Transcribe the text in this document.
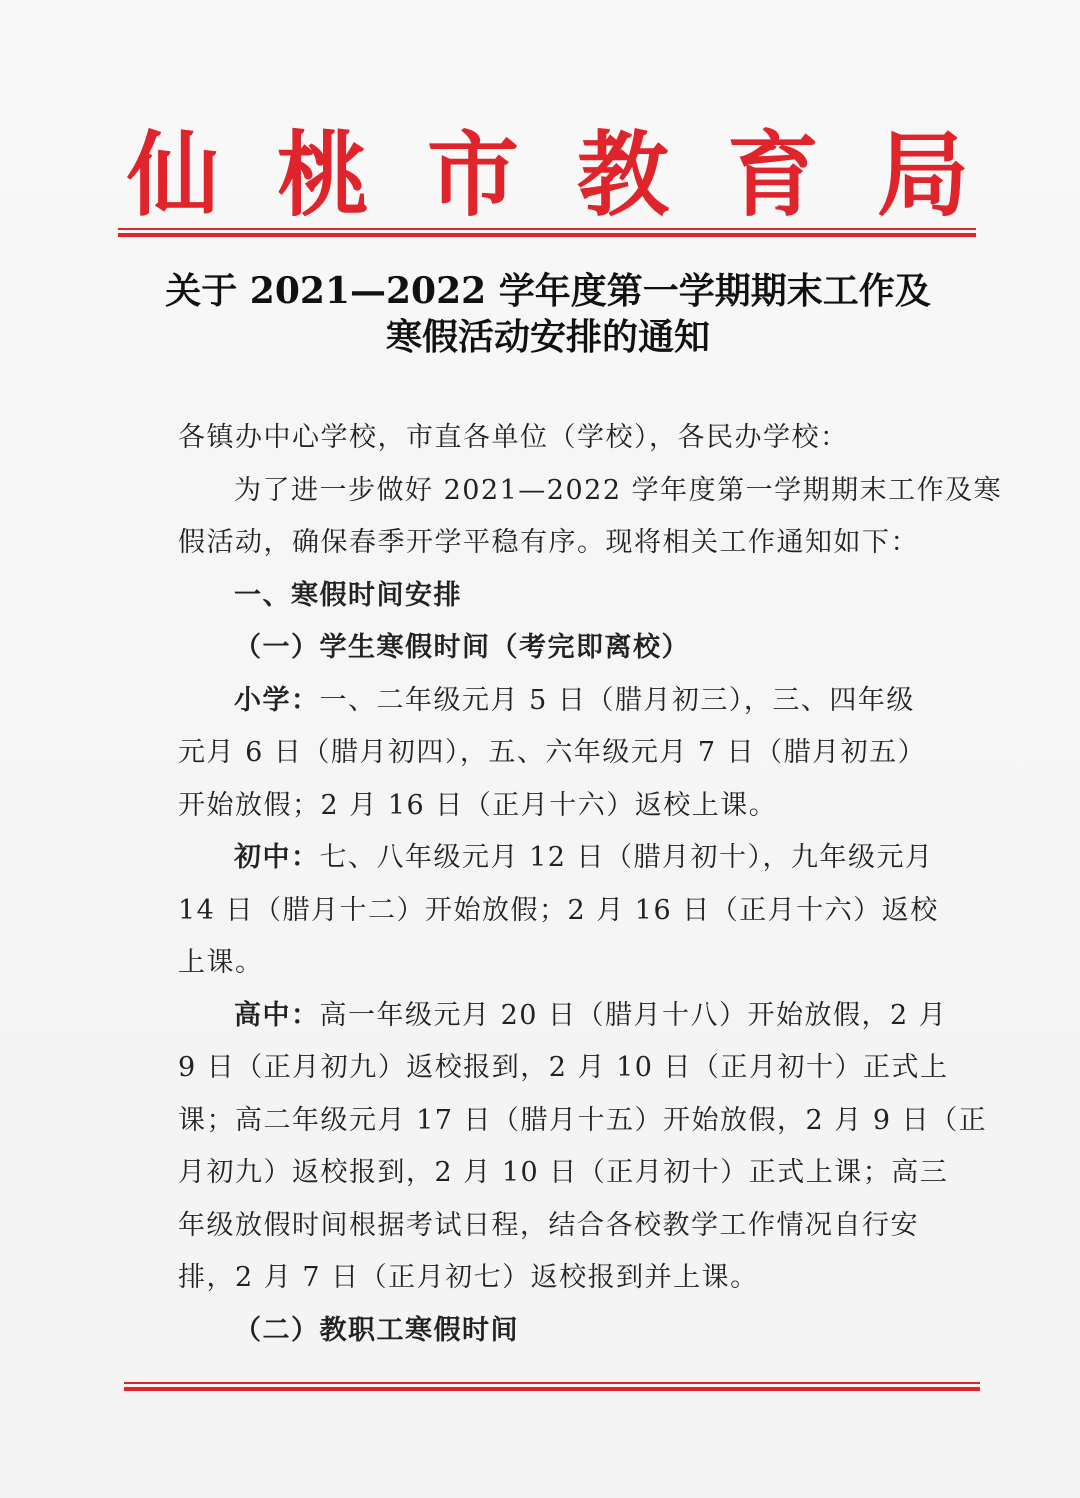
仙 桃 市 教 育 局
关于 2021—2022 学年度第一学期期末工作及
寒假活动安排的通知

各镇办中心学校，市直各单位（学校），各民办学校：

为了进一步做好 2021—2022 学年度第一学期期末工作及寒
假活动，确保春季开学平稳有序。现将相关工作通知如下：

一、寒假时间安排

（一）学生寒假时间（考完即离校）

小学：一、二年级元月 5 日（腊月初三），三、四年级
元月 6 日（腊月初四），五、六年级元月 7 日（腊月初五）
开始放假；2 月 16 日（正月十六）返校上课。

初中：七、八年级元月 12 日（腊月初十），九年级元月
14 日（腊月十二）开始放假；2 月 16 日（正月十六）返校
上课。

高中：高一年级元月 20 日（腊月十八）开始放假，2 月
9 日（正月初九）返校报到，2 月 10 日（正月初十）正式上
课；高二年级元月 17 日（腊月十五）开始放假，2 月 9 日（正
月初九）返校报到，2 月 10 日（正月初十）正式上课；高三
年级放假时间根据考试日程，结合各校教学工作情况自行安
排，2 月 7 日（正月初七）返校报到并上课。

（二）教职工寒假时间
